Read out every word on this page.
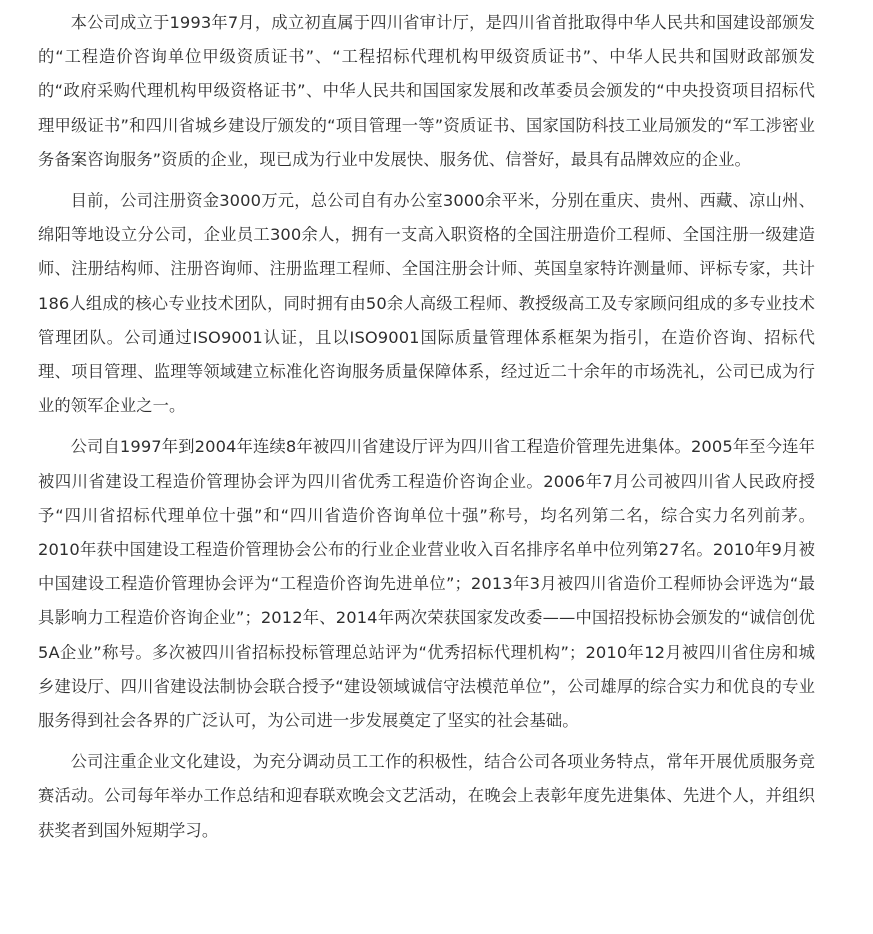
本公司成立于1993年7月，成立初直属于四川省审计厅，是四川省首批取得中华人民共和国建设部颁发的“工程造价咨询单位甲级资质证书”、“工程招标代理机构甲级资质证书”、中华人民共和国财政部颁发的“政府采购代理机构甲级资格证书”、中华人民共和国国家发展和改革委员会颁发的“中央投资项目招标代理甲级证书”和四川省城乡建设厅颁发的“项目管理一等”资质证书、国家国防科技工业局颁发的“军工涉密业务备案咨询服务”资质的企业，现已成为行业中发展快、服务优、信誉好，最具有品牌效应的企业。

目前，公司注册资金3000万元，总公司自有办公室3000余平米，分别在重庆、贵州、西藏、凉山州、绵阳等地设立分公司，企业员工300余人，拥有一支高入职资格的全国注册造价工程师、全国注册一级建造师、注册结构师、注册咨询师、注册监理工程师、全国注册会计师、英国皇家特许测量师、评标专家，共计186人组成的核心专业技术团队，同时拥有由50余人高级工程师、教授级高工及专家顾问组成的多专业技术管理团队。公司通过ISO9001认证，且以ISO9001国际质量管理体系框架为指引，在造价咨询、招标代理、项目管理、监理等领域建立标准化咨询服务质量保障体系，经过近二十余年的市场洗礼，公司已成为行业的领军企业之一。

公司自1997年到2004年连续8年被四川省建设厅评为四川省工程造价管理先进集体。2005年至今连年被四川省建设工程造价管理协会评为四川省优秀工程造价咨询企业。2006年7月公司被四川省人民政府授予“四川省招标代理单位十强”和“四川省造价咨询单位十强”称号，均名列第二名，综合实力名列前茅。2010年获中国建设工程造价管理协会公布的行业企业营业收入百名排序名单中位列第27名。2010年9月被中国建设工程造价管理协会评为“工程造价咨询先进单位”；2013年3月被四川省造价工程师协会评选为“最具影响力工程造价咨询企业”；2012年、2014年两次荣获国家发改委——中国招投标协会颁发的“诚信创优5A企业”称号。多次被四川省招标投标管理总站评为“优秀招标代理机构”；2010年12月被四川省住房和城乡建设厅、四川省建设法制协会联合授予“建设领域诚信守法模范单位”，公司雄厚的综合实力和优良的专业服务得到社会各界的广泛认可，为公司进一步发展奠定了坚实的社会基础。

公司注重企业文化建设，为充分调动员工工作的积极性，结合公司各项业务特点，常年开展优质服务竞赛活动。公司每年举办工作总结和迎春联欢晚会文艺活动，在晚会上表彰年度先进集体、先进个人，并组织获奖者到国外短期学习。
